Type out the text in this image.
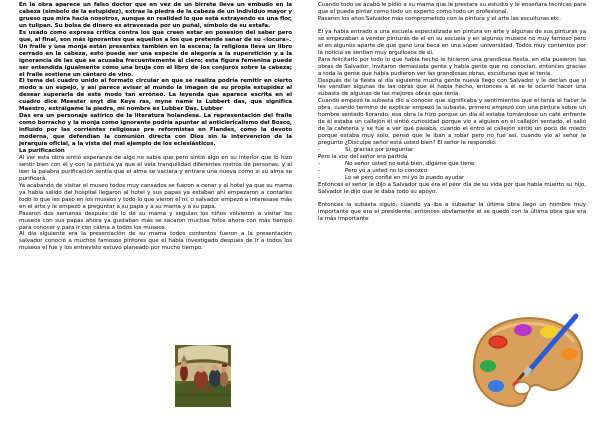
En la obra aparece un falso doctor que en vez de un birrete lleva un embudo en la cabeza (símbolo de la estupidez), extrae la piedra de la cabeza de un individuo mayor y grueso que mira hacia nosotros, aunque en realidad lo que está extrayendo es una flor, un tulipan. Su bolsa de dinero es atravesada por un puñal, símbolo de su estafa.

Es usado como expresa critica contra los que creen estar en posesión del saber pero que, al final, son más ignorantes que aquellos a los que pretende sanar de su «locura».

Un fraile y una monja están presentes también en la escena; la religiosa lleva un libro cerrado en la cabeza, esto puede ser una especie de alegoría a la superstición y a la ignorancia de las que se acusaba frecuentemente al clero; esta figura femenina puede ser entendida igualmente como una bruja con el libro de los conjuros sobre la cabeza; el fraile sostiene un cántaro de vino.

El tema del cuadro unido al formato circular en que se realiza podría remitir en cierto modo a un espejo, y así parece avisar al mundo la imagen de su propia estupidez al desear superarla de este modo tan erróneo. La leyenda que aparece escrita en el cuadro dice Meester snyt die Keye ras, myne name is Lubbert das, que significa Maestro, extráigame la piedra, mi nombre es Lubber Das. Lubber

Das era un personaje satírico de la literatura holandesa. La representación del fraile como borracho y la monja como ignorante podría apuntar al anticlericalismo del Bosco, influido por las corrientes religiosas pre reformistas en Flandes, como la devoto moderna, que defendían la comunión directa con Dios sin la intervención de la jerarquía oficial, a la vista del mal ejemplo de los eclesiásticos.

La purificación

Al ver esta obra sintió esperanza de algo no sabía que pero sintió algo en su interior que lo hizo sentir bien con él y con la pintura ya que él veía tranquilidad diferentes rostros de personas, y al leer la palabra purificación sentía que el alma se vaciara y entrara una nueva como si su alma se purificará.

Ya acabando de visitar el museo todos muy cansados se fueron a cenar y al hotel ya que su mama ya había salido del hospital llegaron al hotel y sus papas ya estaban ahí empezaron a contarles todo lo que les paso en los museos y todo lo que vieron el ni; o salvador empezó a interesase más en el arte y le empezó a preguntar a su papa y a su mama y a su papa.

Pasaron dos semanas después de lo de su mama y seguían los niños volvieron a visitar los museos con sus papas ahora ya gustaban más se sacaron muchas fotos ahora con más tiempo para conocer y para ir con calma a todos los museos.

Al día siguiente era la presentación de su mama todos contentos fueron a la presentación salvador conoció a muchos famosos pintores que él había investigado después de ir a todos los museos el fue y los entrevisto estuvo planeado por mucho tiempo.

Cuando todo se acabó le pidió a su mama que le prestara su estudio y le enseñara técnicas para que el pueda pintar como todo un experto como todo un profesional.

Pasaron los años Salvador más comprometido con la pintura y el arte las esculturas etc.

El ya había entrado a una escuela especializada en pintura en arte y algunas de sus pinturas ya se empezaban a vender pinturas de el en su escuela y en algunos museos no muy famoso pero el en algunos aparte de que gano una beca en una súper universidad. Todos muy contentos por la noticia se sentían muy orgullosos de él.

Para felicitarlo por todo lo que había hecho le hicieron una grandiosa fiesta, en ella pusieron las obras de Salvador, invitaron demasiada gente y había gente que no conocían, entonces gracias a toda la gente que había pudieron ver las grandiosas obras, esculturas que el tenia.

Después de la fiesta al día siguiente mucha gente nueva llego con Salvador y le decían que sí les vendían algunas de las obras que él había hecho, entonces a él se le ocurrió hacer una subasta de algunas de las mejores obras que tenía.

Cuando empezó la subasta dio a conocer que significaba y sentimientos que el tenía al hacer la obra, cuando termino de explicar empezó la subasta, primero empezó con una pintura sobre un hombre sentado llorando, esa obra la hizo porque un día él estaba tomándose un café enfrente de él estaba un callejón él sintió curiosidad porque vio a alguien en el callejón sentado, el salió de la cafetería y se fue a ver qué pasaba, cuando el entró al callejón sintió un poco de miedo porque estaba muy solo, pensó que le iban a robar pero no fue así, cuando vio al señor le pregunto ¿Disculpe señor está usted bien? El señor le respondió:

- Si, gracias por preguntar
- Pero la voz del señor era partida
- No señor usted no está bien, dígame que tiene
- Pero yo a usted no lo conozco
- Lo sé pero confié en mi yo lo puedo ayudar

Entonces el señor le dijo a Salvador que era el peor día de su vida por que había muerto su hijo, Salvador le dijo que le daba todo su apoyo.

Entonces la subasta siguió, cuando ya iba a subastar la última obra llego un hombre muy importante que era el presidente, entonces obviamente el se quedó con la última obra que era la más importante
